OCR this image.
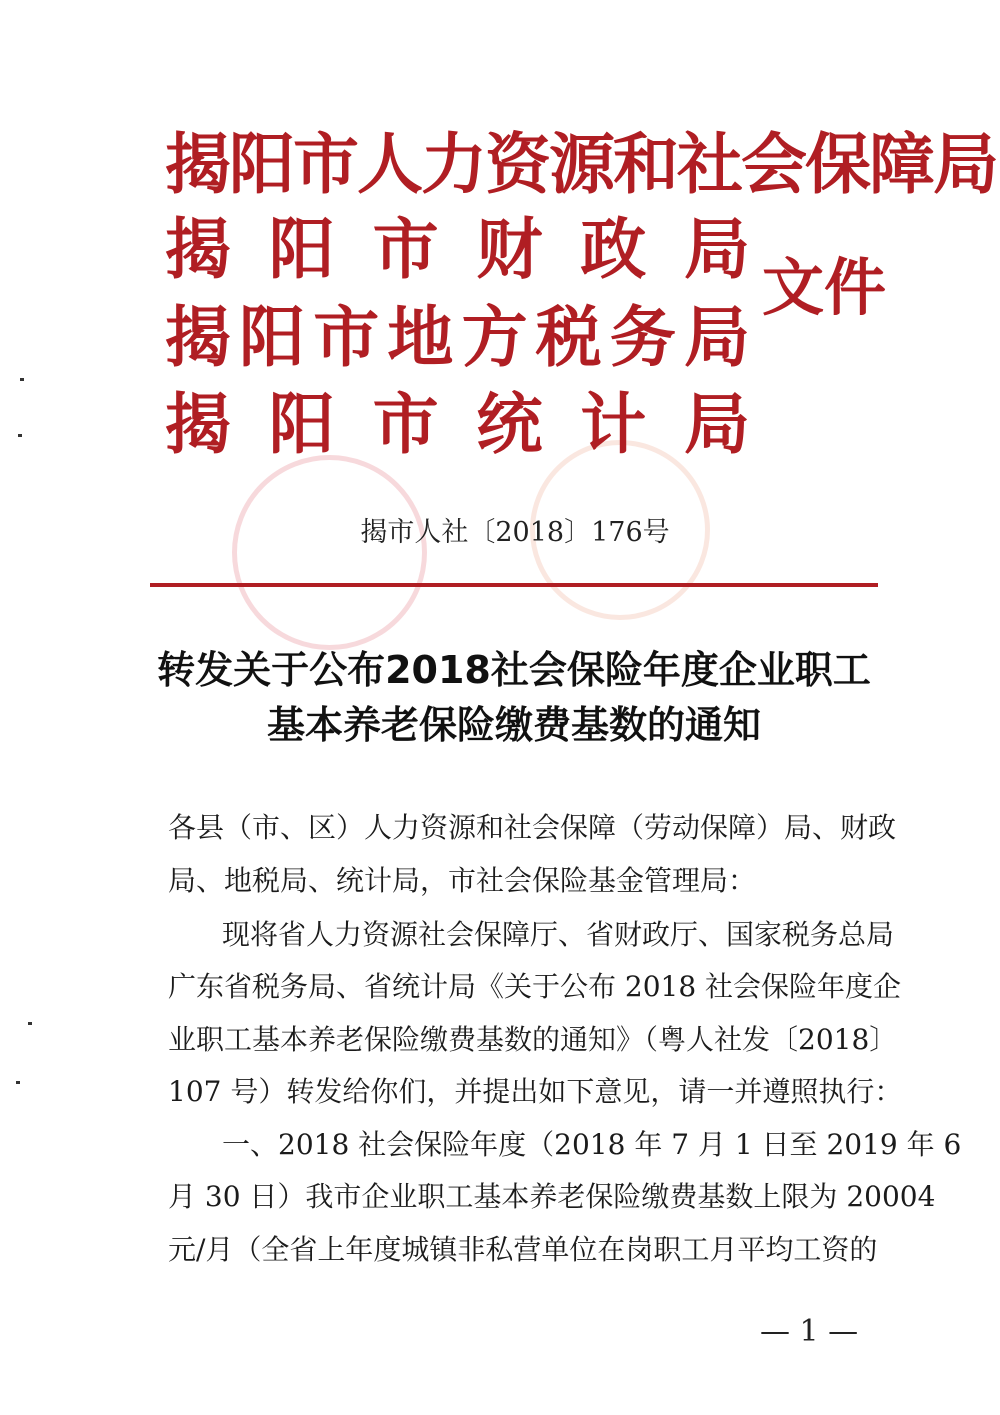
揭阳市人力资源和社会保障局
揭 阳 市 财 政 局
揭 阳 市 地 方 税 务 局
揭 阳 市 统 计 局
文件
揭市人社〔2018〕176号
转发关于公布2018社会保险年度企业职工
基本养老保险缴费基数的通知
各县（市、区）人力资源和社会保障（劳动保障）局、财政
局、地税局、统计局，市社会保险基金管理局：
现将省人力资源社会保障厅、省财政厅、国家税务总局
广东省税务局、省统计局《关于公布 2018 社会保险年度企
业职工基本养老保险缴费基数的通知》（粤人社发〔2018〕
107 号）转发给你们，并提出如下意见，请一并遵照执行：
一、2018 社会保险年度（2018 年 7 月 1 日至 2019 年 6
月 30 日）我市企业职工基本养老保险缴费基数上限为 20004
元/月（全省上年度城镇非私营单位在岗职工月平均工资的
— 1 —
